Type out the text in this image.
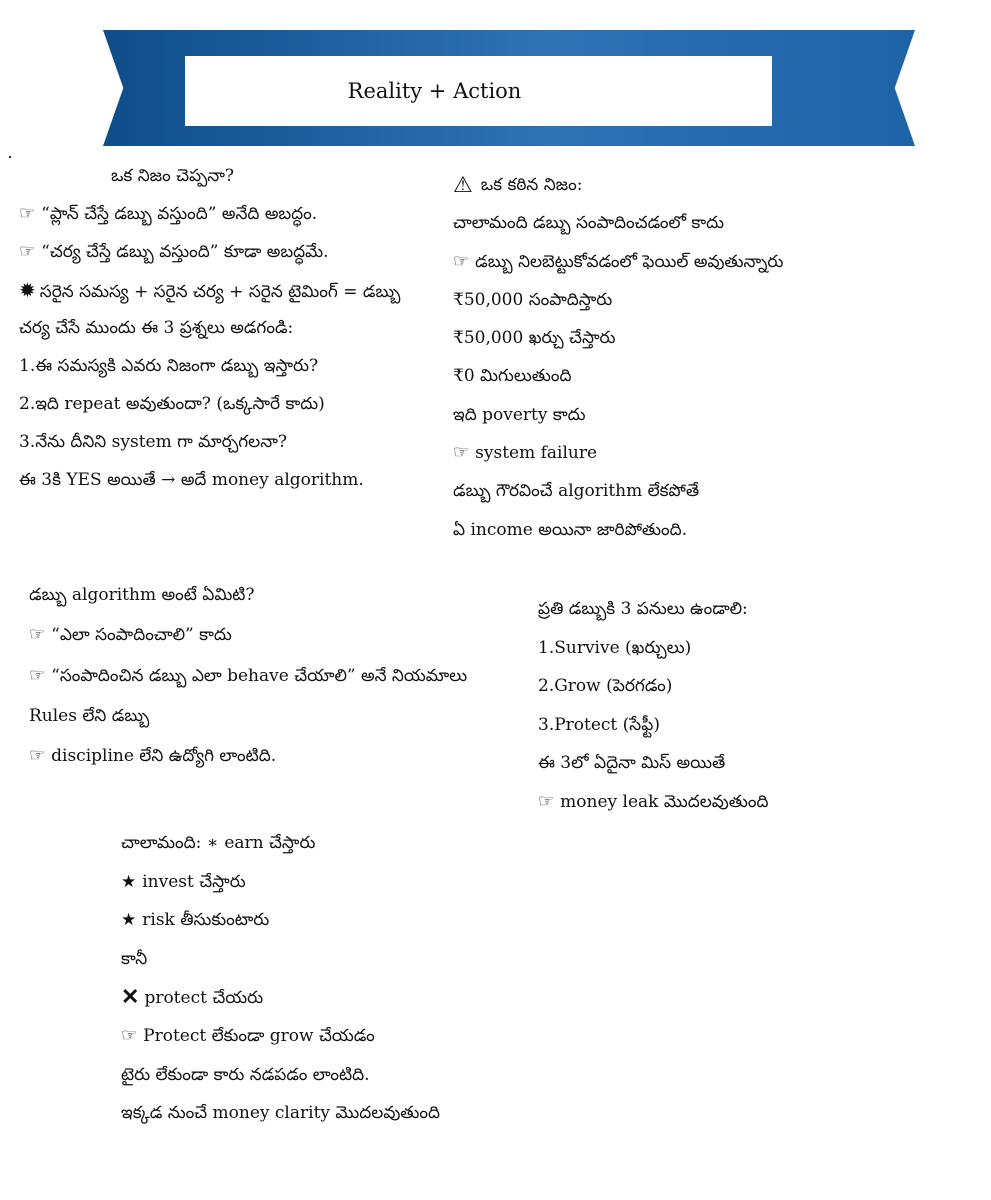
Reality + Action
ఒక నిజం చెప్పనా?
☞ “ప్లాన్ చేస్తే డబ్బు వస్తుంది” అనేది అబద్ధం.
☞ “చర్య చేస్తే డబ్బు వస్తుంది” కూడా అబద్ధమే.
✹ సరైన సమస్య + సరైన చర్య + సరైన టైమింగ్ = డబ్బు
చర్య చేసే ముందు ఈ 3 ప్రశ్నలు అడగండి:
1.ఈ సమస్యకి ఎవరు నిజంగా డబ్బు ఇస్తారు?
2.ఇది repeat అవుతుందా? (ఒక్కసారే కాదు)
3.నేను దీనిని system గా మార్చగలనా?
ఈ 3కి YES అయితే → అదే money algorithm.
⚠ ఒక కఠిన నిజం:
చాలామంది డబ్బు సంపాదించడంలో కాదు
☞ డబ్బు నిలబెట్టుకోవడంలో ఫెయిల్ అవుతున్నారు
₹50,000 సంపాదిస్తారు
₹50,000 ఖర్చు చేస్తారు
₹0 మిగులుతుంది
ఇది poverty కాదు
☞ system failure
డబ్బు గౌరవించే algorithm లేకపోతే
ఏ income అయినా జారిపోతుంది.
డబ్బు algorithm అంటే ఏమిటి?
☞ “ఎలా సంపాదించాలి” కాదు
☞ “సంపాదించిన డబ్బు ఎలా behave చేయాలి” అనే నియమాలు
Rules లేని డబ్బు
☞ discipline లేని ఉద్యోగి లాంటిది.
ప్రతి డబ్బుకి 3 పనులు ఉండాలి:
1.Survive (ఖర్చులు)
2.Grow (పెరగడం)
3.Protect (సేఫ్టీ)
ఈ 3లో ఏదైనా మిస్ అయితే
☞ money leak మొదలవుతుంది
చాలామంది: ∗ earn చేస్తారు
★ invest చేస్తారు
★ risk తీసుకుంటారు
కానీ
✕ protect చేయరు
☞ Protect లేకుండా grow చేయడం
టైరు లేకుండా కారు నడపడం లాంటిది.
ఇక్కడ నుంచే money clarity మొదలవుతుంది
